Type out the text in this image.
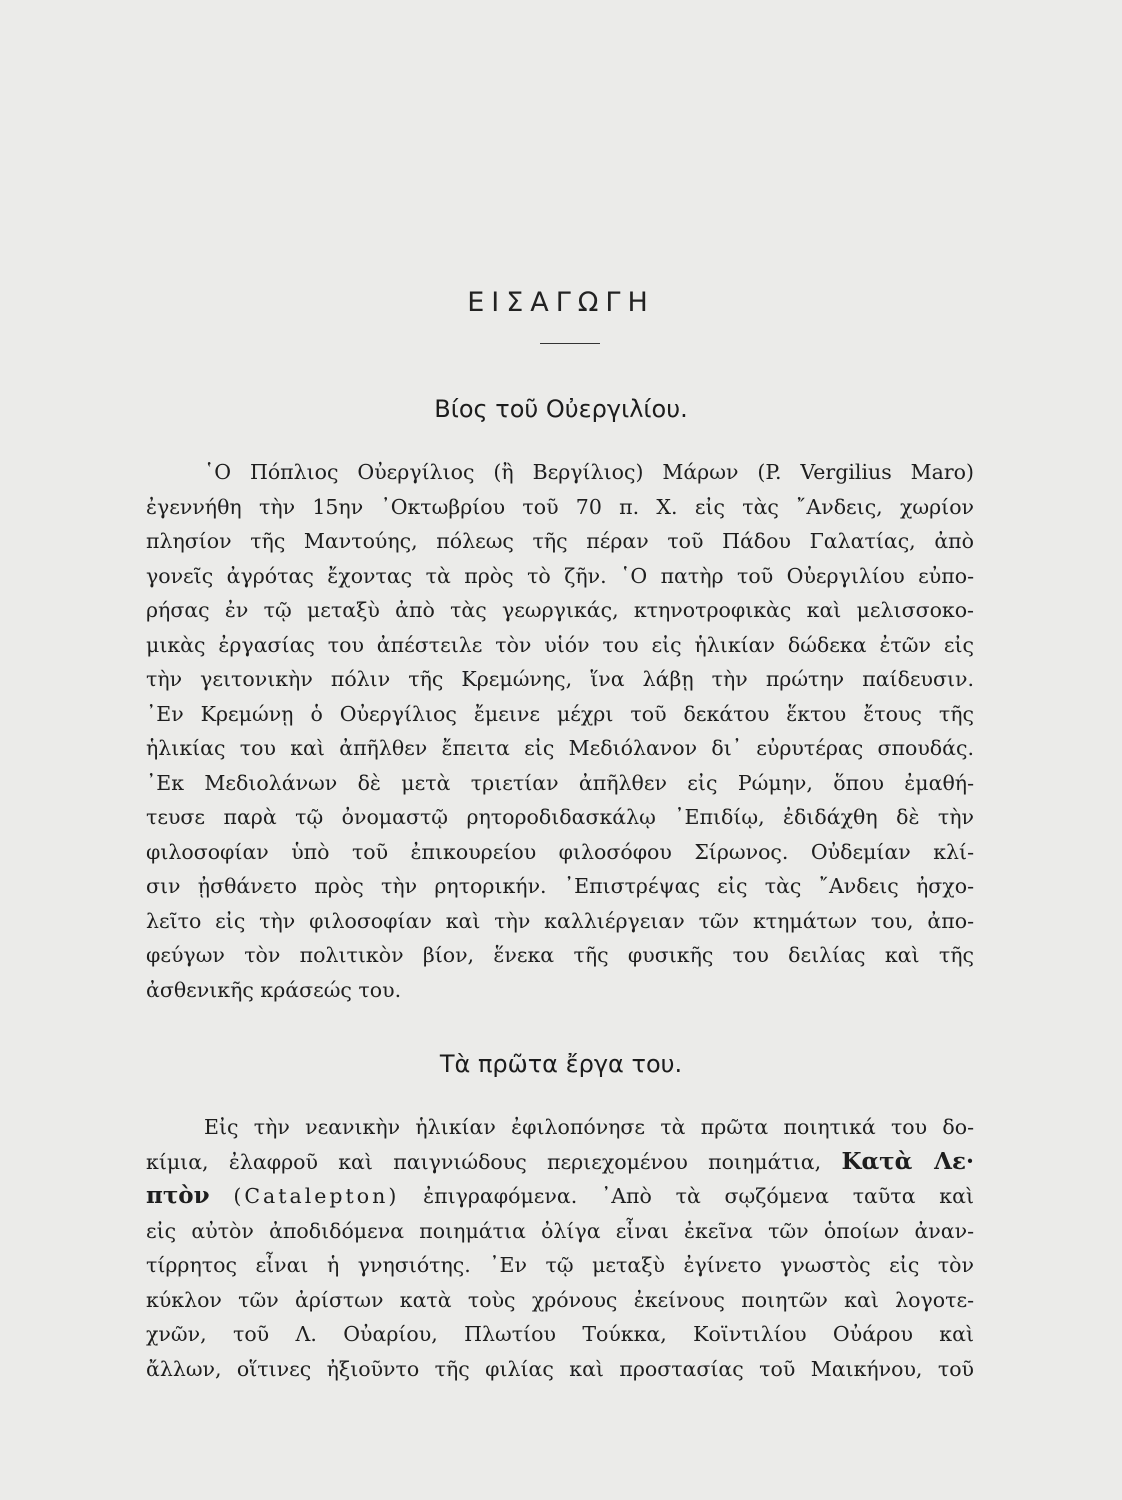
ΕΙΣΑΓΩΓΗ
Βίος τοῦ Οὐεργιλίου.
῾Ο Πόπλιος Οὐεργίλιος (ἢ Βεργίλιος) Μάρων (P. Vergilius Maro)
ἐγεννήθη τὴν 15ην ᾿Οκτωβρίου τοῦ 70 π. Χ. εἰς τὰς ῎Ανδεις, χωρίον
πλησίον τῆς Μαντούης, πόλεως τῆς πέραν τοῦ Πάδου Γαλατίας, ἀπὸ
γονεῖς ἀγρότας ἔχοντας τὰ πρὸς τὸ ζῆν. ῾Ο πατὴρ τοῦ Οὐεργιλίου εὐπο-
ρήσας ἐν τῷ μεταξὺ ἀπὸ τὰς γεωργικάς, κτηνοτροφικὰς καὶ μελισσοκο-
μικὰς ἐργασίας του ἀπέστειλε τὸν υἱόν του εἰς ἡλικίαν δώδεκα ἐτῶν εἰς
τὴν γειτονικὴν πόλιν τῆς Κρεμώνης, ἵνα λάβῃ τὴν πρώτην παίδευσιν.
᾿Εν Κρεμώνῃ ὁ Οὐεργίλιος ἔμεινε μέχρι τοῦ δεκάτου ἕκτου ἔτους τῆς
ἡλικίας του καὶ ἀπῆλθεν ἔπειτα εἰς Μεδιόλανον δι᾿ εὐρυτέρας σπουδάς.
᾿Εκ Μεδιολάνων δὲ μετὰ τριετίαν ἀπῆλθεν εἰς Ρώμην, ὅπου ἐμαθή-
τευσε παρὰ τῷ ὀνομαστῷ ρητοροδιδασκάλῳ ᾿Επιδίῳ, ἐδιδάχθη δὲ τὴν
φιλοσοφίαν ὑπὸ τοῦ ἐπικουρείου φιλοσόφου Σίρωνος. Οὐδεμίαν κλί-
σιν ᾐσθάνετο πρὸς τὴν ρητορικήν. ᾿Επιστρέψας εἰς τὰς ῎Ανδεις ἠσχο-
λεῖτο εἰς τὴν φιλοσοφίαν καὶ τὴν καλλιέργειαν τῶν κτημάτων του, ἀπο-
φεύγων τὸν πολιτικὸν βίον, ἕνεκα τῆς φυσικῆς του δειλίας καὶ τῆς
ἀσθενικῆς κράσεώς του.
Τὰ πρῶτα ἔργα του.
Εἰς τὴν νεανικὴν ἡλικίαν ἐφιλοπόνησε τὰ πρῶτα ποιητικά του δο-
κίμια, ἐλαφροῦ καὶ παιγνιώδους περιεχομένου ποιημάτια, Κατὰ Λε·
πτὸν (Catalepton) ἐπιγραφόμενα. ᾿Απὸ τὰ σῳζόμενα ταῦτα καὶ
εἰς αὐτὸν ἀποδιδόμενα ποιημάτια ὀλίγα εἶναι ἐκεῖνα τῶν ὁποίων ἀναν-
τίρρητος εἶναι ἡ γνησιότης. ᾿Εν τῷ μεταξὺ ἐγίνετο γνωστὸς εἰς τὸν
κύκλον τῶν ἀρίστων κατὰ τοὺς χρόνους ἐκείνους ποιητῶν καὶ λογοτε-
χνῶν, τοῦ Λ. Οὐαρίου, Πλωτίου Τούκκα, Κοϊντιλίου Οὐάρου καὶ
ἄλλων, οἵτινες ἠξιοῦντο τῆς φιλίας καὶ προστασίας τοῦ Μαικήνου, τοῦ
